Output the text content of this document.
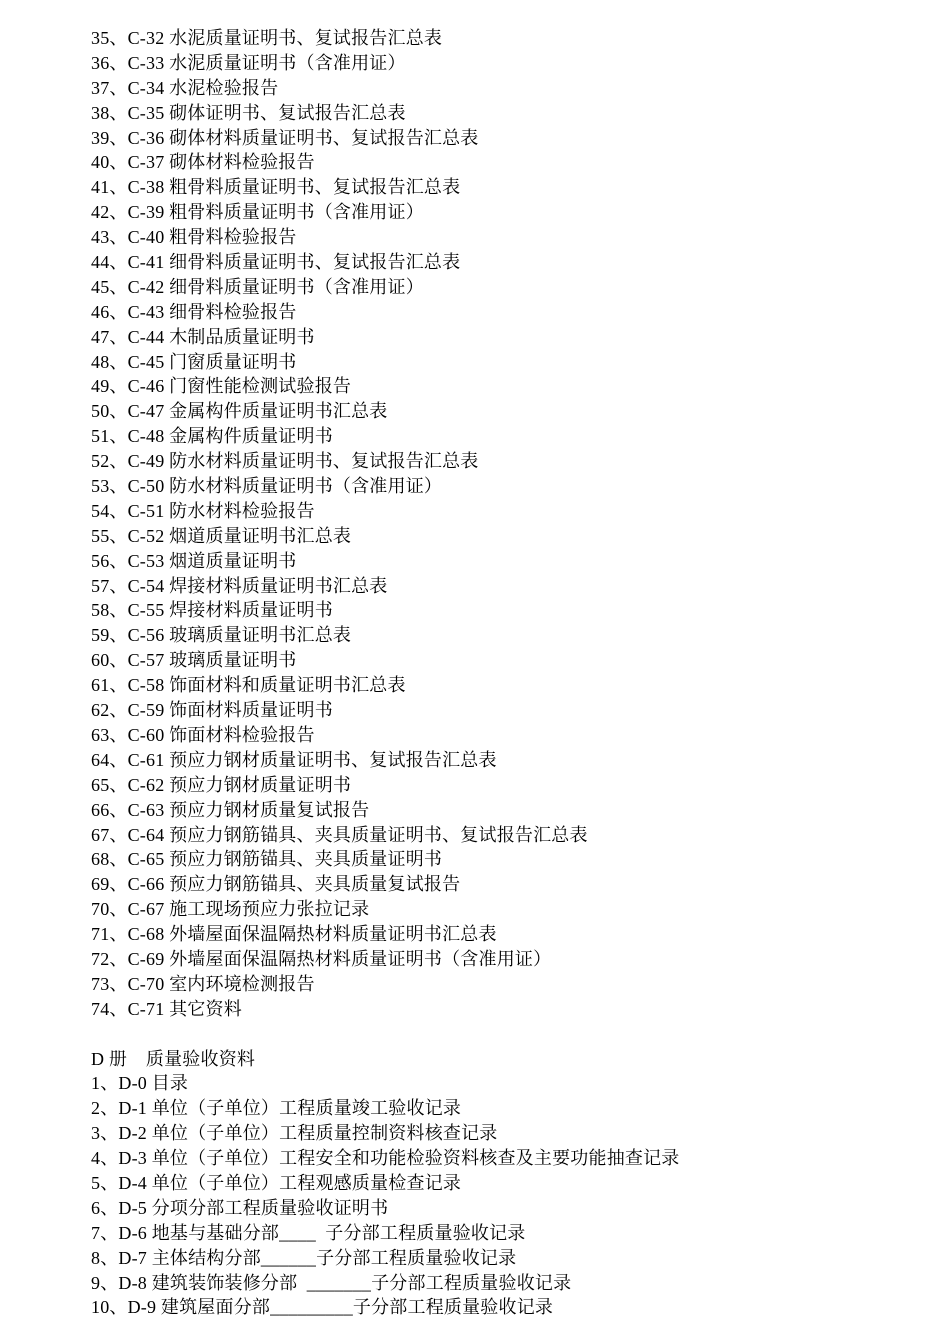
35、C-32 水泥质量证明书、复试报告汇总表
36、C-33 水泥质量证明书（含准用证）
37、C-34 水泥检验报告
38、C-35 砌体证明书、复试报告汇总表
39、C-36 砌体材料质量证明书、复试报告汇总表
40、C-37 砌体材料检验报告
41、C-38 粗骨料质量证明书、复试报告汇总表
42、C-39 粗骨料质量证明书（含准用证）
43、C-40 粗骨料检验报告
44、C-41 细骨料质量证明书、复试报告汇总表
45、C-42 细骨料质量证明书（含准用证）
46、C-43 细骨料检验报告
47、C-44 木制品质量证明书
48、C-45 门窗质量证明书
49、C-46 门窗性能检测试验报告
50、C-47 金属构件质量证明书汇总表
51、C-48 金属构件质量证明书
52、C-49 防水材料质量证明书、复试报告汇总表
53、C-50 防水材料质量证明书（含准用证）
54、C-51 防水材料检验报告
55、C-52 烟道质量证明书汇总表
56、C-53 烟道质量证明书
57、C-54 焊接材料质量证明书汇总表
58、C-55 焊接材料质量证明书
59、C-56 玻璃质量证明书汇总表
60、C-57 玻璃质量证明书
61、C-58 饰面材料和质量证明书汇总表
62、C-59 饰面材料质量证明书
63、C-60 饰面材料检验报告
64、C-61 预应力钢材质量证明书、复试报告汇总表
65、C-62 预应力钢材质量证明书
66、C-63 预应力钢材质量复试报告
67、C-64 预应力钢筋锚具、夹具质量证明书、复试报告汇总表
68、C-65 预应力钢筋锚具、夹具质量证明书
69、C-66 预应力钢筋锚具、夹具质量复试报告
70、C-67 施工现场预应力张拉记录
71、C-68 外墙屋面保温隔热材料质量证明书汇总表
72、C-69 外墙屋面保温隔热材料质量证明书（含准用证）
73、C-70 室内环境检测报告
74、C-71 其它资料
D 册    质量验收资料
1、D-0 目录
2、D-1 单位（子单位）工程质量竣工验收记录
3、D-2 单位（子单位）工程质量控制资料核查记录
4、D-3 单位（子单位）工程安全和功能检验资料核查及主要功能抽查记录
5、D-4 单位（子单位）工程观感质量检查记录
6、D-5 分项分部工程质量验收证明书
7、D-6 地基与基础分部____  子分部工程质量验收记录
8、D-7 主体结构分部______子分部工程质量验收记录
9、D-8 建筑装饰装修分部  _______子分部工程质量验收记录
10、D-9 建筑屋面分部_________子分部工程质量验收记录
